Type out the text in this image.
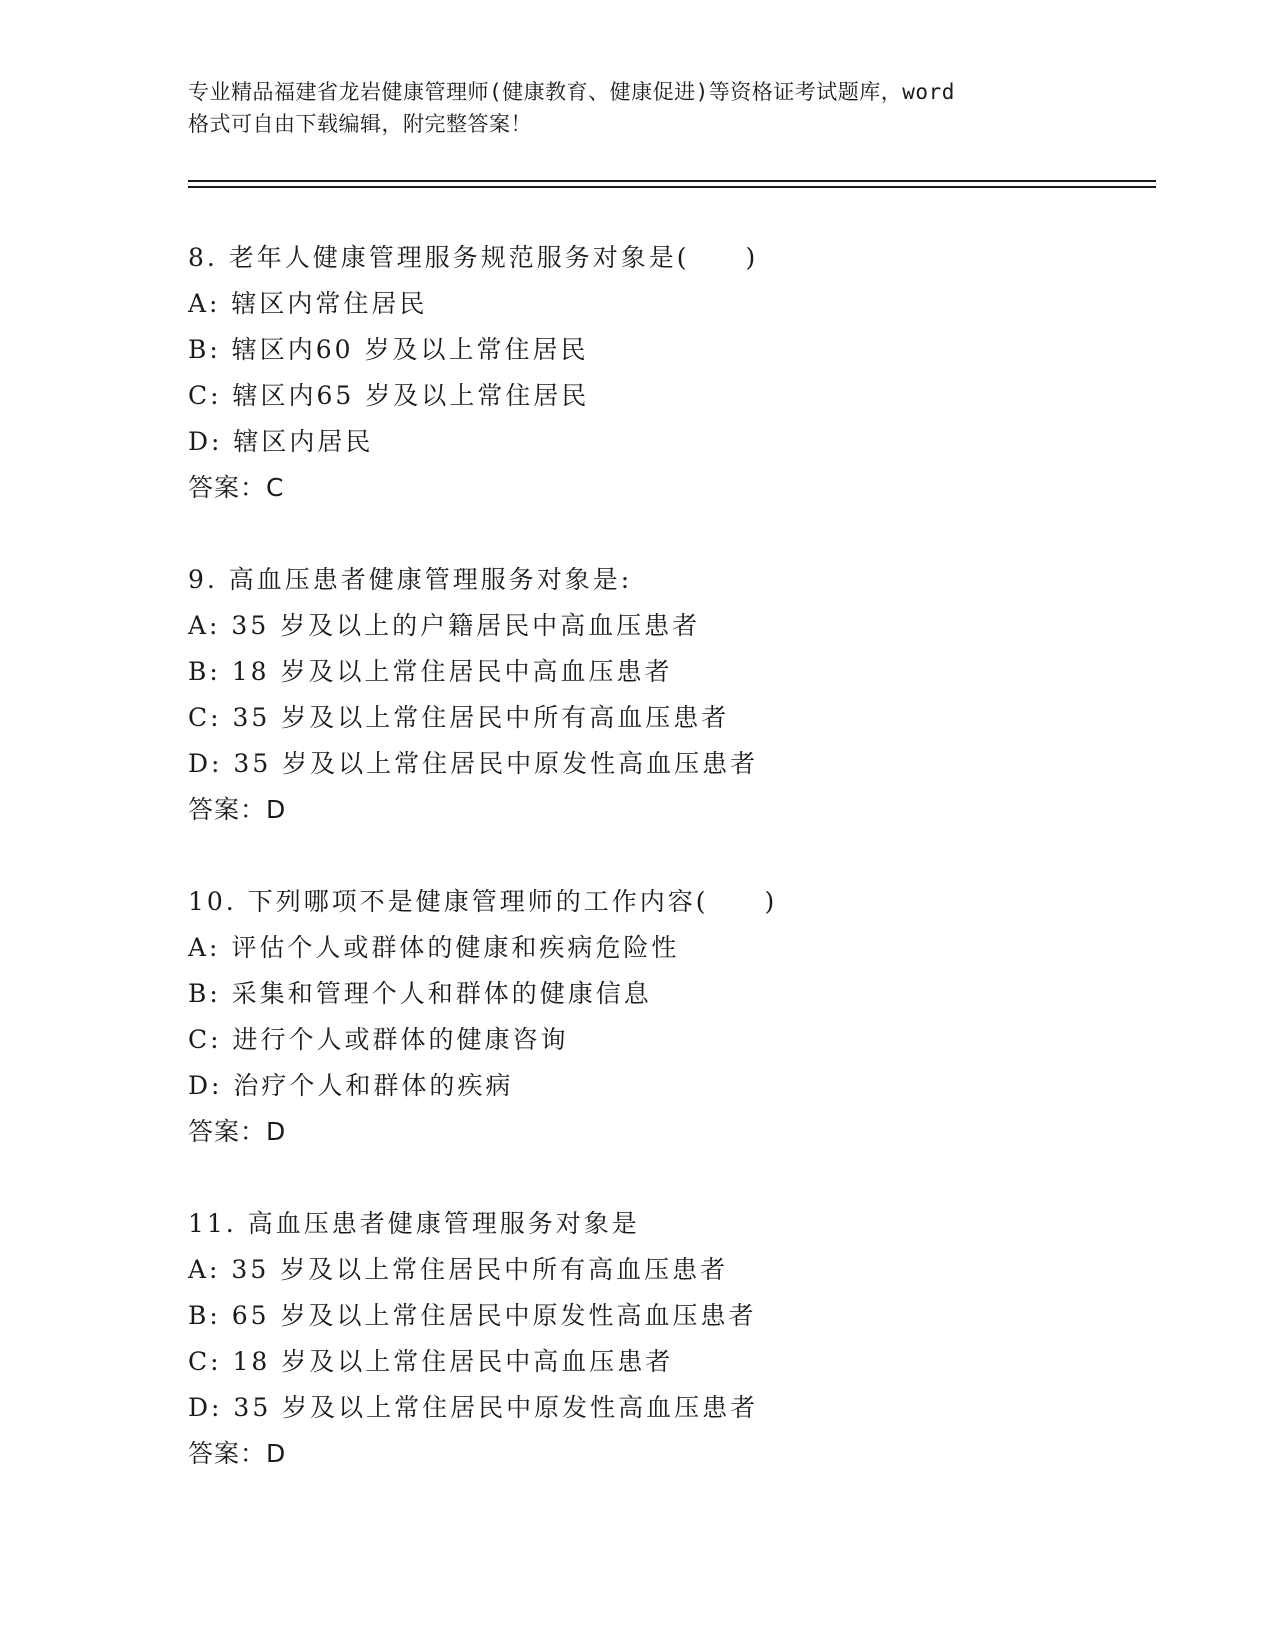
专业精品福建省龙岩健康管理师(健康教育、健康促进)等资格证考试题库，word
格式可自由下载编辑，附完整答案！
8. 老年人健康管理服务规范服务对象是(　　)
A: 辖区内常住居民
B: 辖区内60 岁及以上常住居民
C: 辖区内65 岁及以上常住居民
D: 辖区内居民
答案：C
9. 高血压患者健康管理服务对象是:
A: 35 岁及以上的户籍居民中高血压患者
B: 18 岁及以上常住居民中高血压患者
C: 35 岁及以上常住居民中所有高血压患者
D: 35 岁及以上常住居民中原发性高血压患者
答案：D
10. 下列哪项不是健康管理师的工作内容(　　)
A: 评估个人或群体的健康和疾病危险性
B: 采集和管理个人和群体的健康信息
C: 进行个人或群体的健康咨询
D: 治疗个人和群体的疾病
答案：D
11. 高血压患者健康管理服务对象是
A: 35 岁及以上常住居民中所有高血压患者
B: 65 岁及以上常住居民中原发性高血压患者
C: 18 岁及以上常住居民中高血压患者
D: 35 岁及以上常住居民中原发性高血压患者
答案：D
